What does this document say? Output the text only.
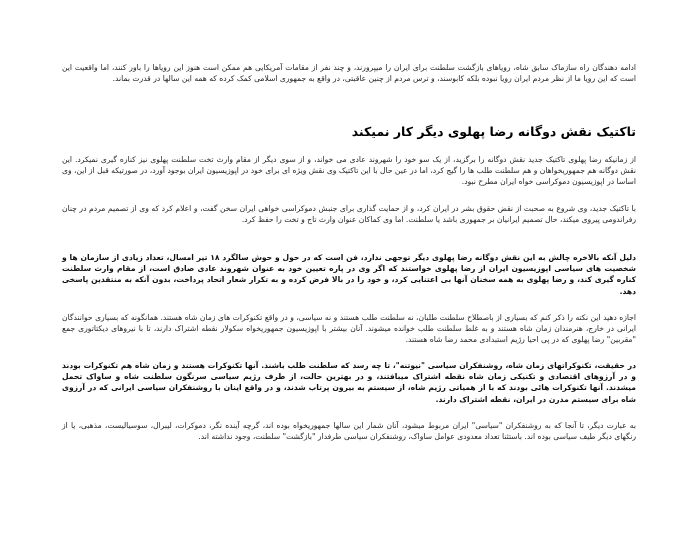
ادامه دهندگان راه سازماک سابق شاه، رویاهای بازگشت سلطنت برای ایران را میپرورند، و چند نفر از مقامات آمریکایی هم ممکن است هنوز این رویاها را باور کنند، اما واقعیت این است که این رویا ما از نظر مردم ایران رویا نبوده بلکه کابوسند، و ترس مردم از چنین عاقبتی، در واقع به جمهوری اسلامی کمک کرده که همه این سالها در قدرت بماند.

تاکتیک نقش دوگانه رضا پهلوی دیگر کار نمیکند

از زمانیکه رضا پهلوی تاکتیک جدید نقش دوگانه را برگزید، از یک سو خود را شهروند عادی می خواند، و از سوی دیگر از مقام وارث تخت سلطنت پهلوی نیز کناره گیری نمیکرد. این نقش دوگانه هم جمهوریخواهان و هم سلطنت طلب ها را گیج کرد، اما در عین حال با این تاکتیک وی نقش ویژه ای برای خود در اپوزیسیون ایران بوجود آورد، در صورتیکه قبل از این، وی اساسا در اپوزیسیون دموکراسی خواه ایران مطرح نبود.

با تاکتیک جدید، وی شروع به صحبت از نقض حقوق بشر در ایران کرد، و از حمایت گذاری برای جنبش دموکراسی خواهی ایران سخن گفت، و اعلام کرد که وی از تصمیم مردم در چنان رفراندومی پیروی میکند، حال تصمیم ایرانیان بر جمهوری باشد یا سلطنت. اما وی کماکان عنوان وارث تاج و تخت را حفظ کرد.

دلیل آنکه بالاخره چالش به این نقش دوگانه رضا پهلوی دیگر توجهی ندارد، فن است که در حول و حوش سالگرد ۱۸ تیر امسال، تعداد زیادی از سازمان ها و شخصیت های سیاسی اپوزیسیون ایران از رضا پهلوی خواستند که اگر وی در پاره تعیین خود به عنوان شهروند عادی صادق است، از مقام وارث سلطنت کناره گیری کند، و رضا پهلوی به همه سخنان آنها بی اعتنایی کرد، و خود را در بالا فرض کرده و به تکرار شعار اتحاد پرداخت، بدون آنکه به منتقدین پاسخی دهد.

اجازه دهید این نکته را ذکر کنم که بسیاری از باصطلاح سلطنت طلبان، نه سلطنت طلب هستند و نه سیاسی، و در واقع تکنوکرات های زمان شاه هستند. همانگونه که بسیاری حوانندگان ایرانی در خارج، هنرمندان زمان شاه هستند و به غلط سلطنت طلب خوانده میشوند. آنان بیشتر با اپوزیسیون جمهوریخواه سکولار نقطه اشتراک دارند، تا با نیروهای دیکتاتوری جمع "مقربین" رضا پهلوی که در پی احیا رژیم استبدادی محمد رضا شاه هستند.

در حقیقت، تکنوکراتهای زمان شاه، روشنفکران سیاسی "نیوتنه"، تا چه رسد که سلطنت طلب باشند. آنها تکنوکرات هستند و زمان شاه هم تکنوکرات بودند و در آرزوهای اقتصادی و تکنیکی زمان شاه نقطه اشتراک میبافتند، و در بهترین حالت، از طرف رژیم سیاسی سرنگون سلطنت شاه و ساواک تحمل میشدند. آنها تکنوکرات هائی بودند که با از همیاتی رژیم شاه، از سیستم به بیرون پرتاب شدند، و در واقع اینان با روشنفکران سیاسی ایرانی که در آرزوی شاه برای سیستم مدرن در ایران، نقطه اشتراک دارند.

به عبارت دیگر، تا آنجا که به روشنفکران "سیاسی" ایران مربوط میشود، آنان شمار این سالها جمهوریخواه بوده اند، گرچه آینده نگر، دموکرات، لیبرال، سوسیالیست، مذهبی، یا از رنگهای دیگر طیف سیاسی بوده اند. باستثنا تعداد معدودی عوامل ساواک، روشنفکران سیاسی طرفدار "بازگشت" سلطنت، وجود نداشته اند.
